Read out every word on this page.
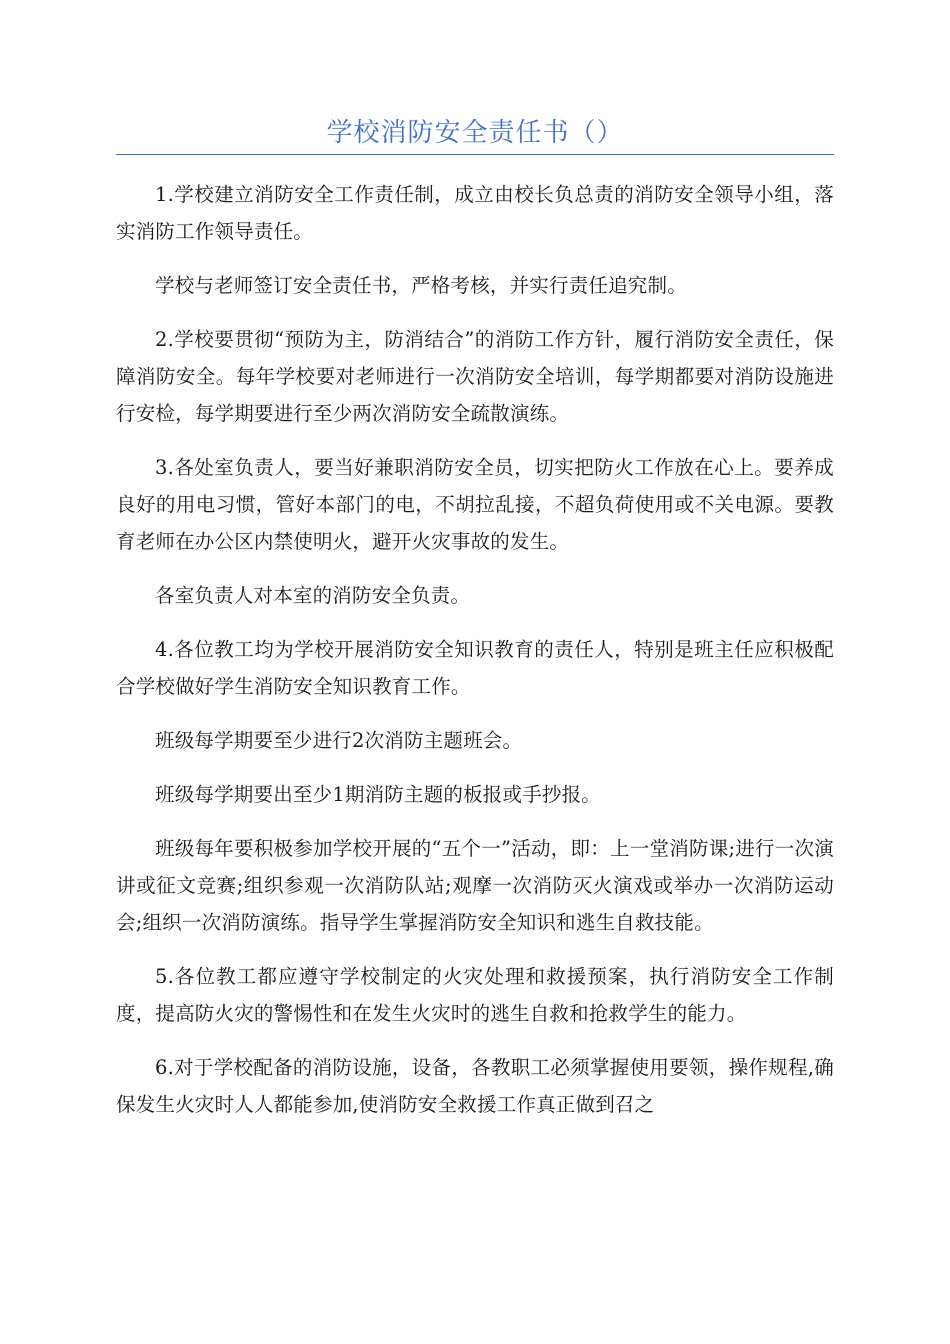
学校消防安全责任书（）

1.学校建立消防安全工作责任制，成立由校长负总责的消防安全领导小组，落实消防工作领导责任。

学校与老师签订安全责任书，严格考核，并实行责任追究制。

2.学校要贯彻“预防为主，防消结合”的消防工作方针，履行消防安全责任，保障消防安全。每年学校要对老师进行一次消防安全培训，每学期都要对消防设施进行安检，每学期要进行至少两次消防安全疏散演练。

3.各处室负责人，要当好兼职消防安全员，切实把防火工作放在心上。要养成良好的用电习惯，管好本部门的电，不胡拉乱接，不超负荷使用或不关电源。要教育老师在办公区内禁使明火，避开火灾事故的发生。

各室负责人对本室的消防安全负责。

4.各位教工均为学校开展消防安全知识教育的责任人，特别是班主任应积极配合学校做好学生消防安全知识教育工作。

班级每学期要至少进行2次消防主题班会。

班级每学期要出至少1期消防主题的板报或手抄报。

班级每年要积极参加学校开展的“五个一”活动，即：上一堂消防课;进行一次演讲或征文竞赛;组织参观一次消防队站;观摩一次消防灭火演戏或举办一次消防运动会;组织一次消防演练。指导学生掌握消防安全知识和逃生自救技能。

5.各位教工都应遵守学校制定的火灾处理和救援预案，执行消防安全工作制度，提高防火灾的警惕性和在发生火灾时的逃生自救和抢救学生的能力。

6.对于学校配备的消防设施，设备，各教职工必须掌握使用要领，操作规程,确保发生火灾时人人都能参加,使消防安全救援工作真正做到召之
